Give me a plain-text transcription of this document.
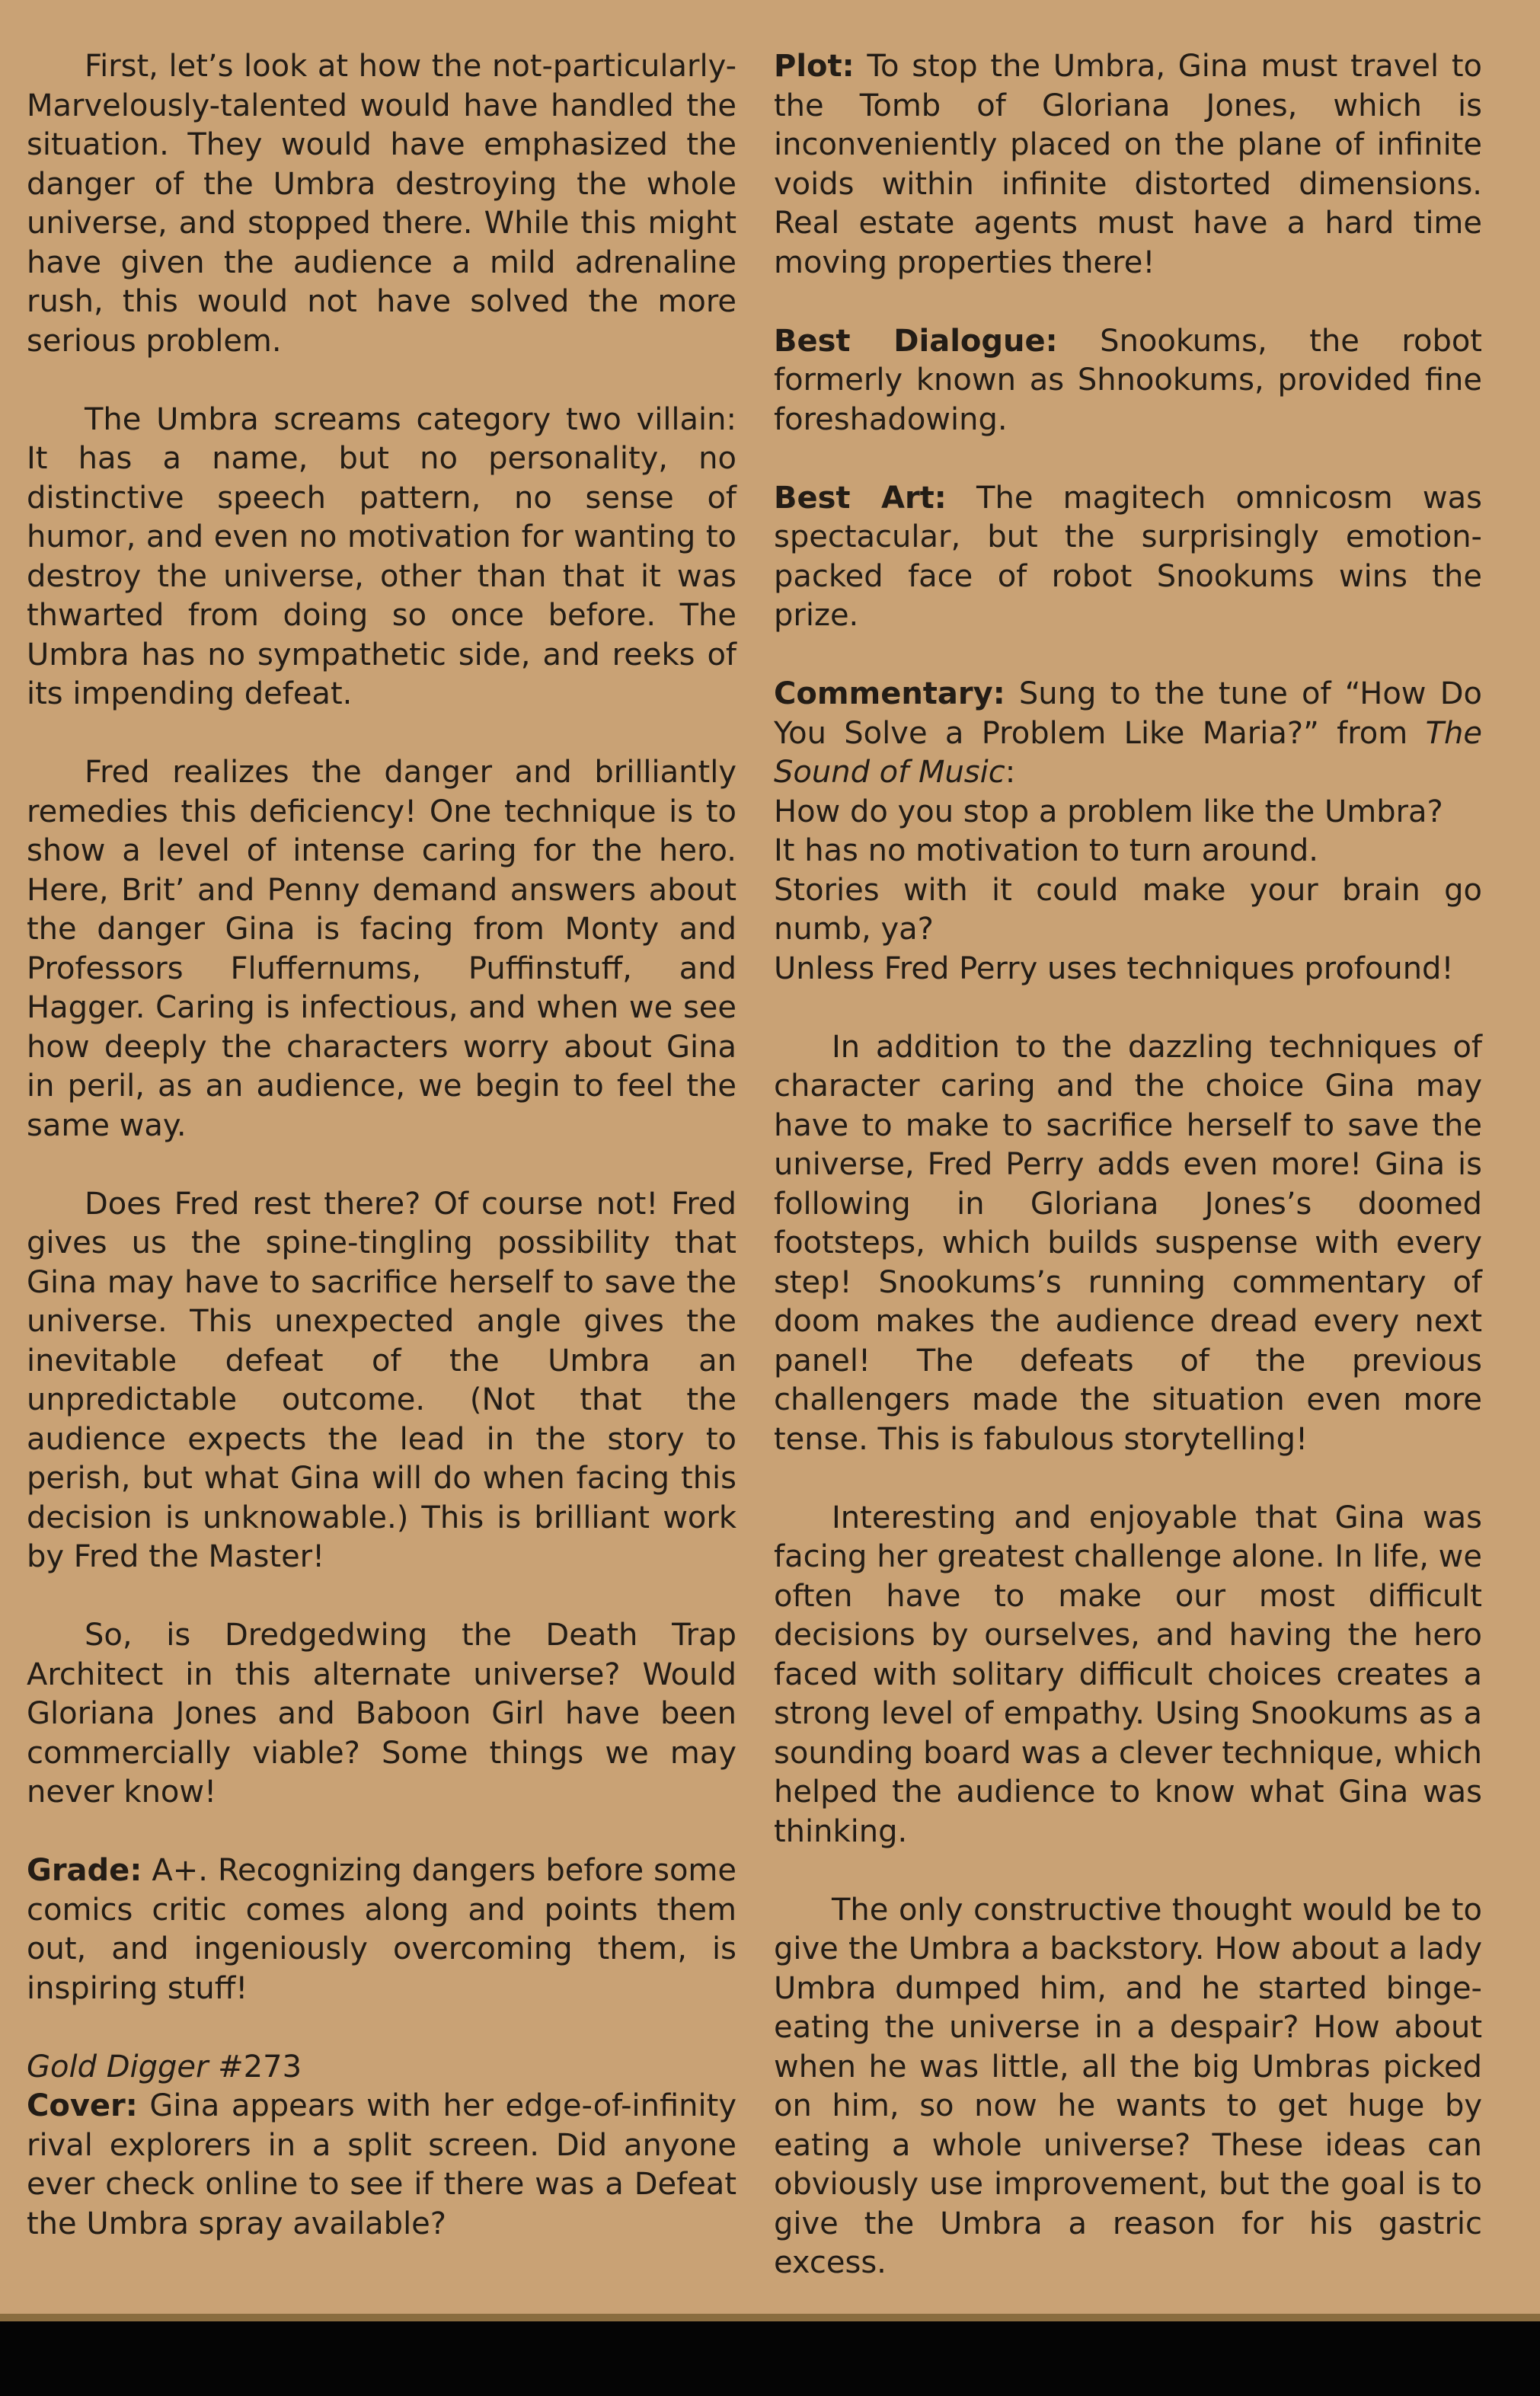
First, let’s look at how the not-particularly-Marvelously-talented would have handled the situation. They would have emphasized the danger of the Umbra destroying the whole universe, and stopped there. While this might have given the audience a mild adrenaline rush, this would not have solved the more serious problem.

The Umbra screams category two villain: It has a name, but no personality, no distinctive speech pattern, no sense of humor, and even no motivation for wanting to destroy the universe, other than that it was thwarted from doing so once before. The Umbra has no sympathetic side, and reeks of its impending defeat.

Fred realizes the danger and brilliantly remedies this deficiency! One technique is to show a level of intense caring for the hero. Here, Brit’ and Penny demand answers about the danger Gina is facing from Monty and Professors Fluffernums, Puffinstuff, and Hagger. Caring is infectious, and when we see how deeply the characters worry about Gina in peril, as an audience, we begin to feel the same way.

Does Fred rest there? Of course not! Fred gives us the spine-tingling possibility that Gina may have to sacrifice herself to save the universe. This unexpected angle gives the inevitable defeat of the Umbra an unpredictable outcome. (Not that the audience expects the lead in the story to perish, but what Gina will do when facing this decision is unknowable.) This is brilliant work by Fred the Master!

So, is Dredgedwing the Death Trap Architect in this alternate universe? Would Gloriana Jones and Baboon Girl have been commercially viable? Some things we may never know!

Grade: A+. Recognizing dangers before some comics critic comes along and points them out, and ingeniously overcoming them, is inspiring stuff!

Gold Digger #273

Cover: Gina appears with her edge-of-infinity rival explorers in a split screen. Did anyone ever check online to see if there was a Defeat the Umbra spray available?

Plot: To stop the Umbra, Gina must travel to the Tomb of Gloriana Jones, which is inconveniently placed on the plane of infinite voids within infinite distorted dimensions. Real estate agents must have a hard time moving properties there!

Best Dialogue: Snookums, the robot formerly known as Shnookums, provided fine foreshadowing.

Best Art: The magitech omnicosm was spectacular, but the surprisingly emotion-packed face of robot Snookums wins the prize.

Commentary: Sung to the tune of “How Do You Solve a Problem Like Maria?” from The Sound of Music:

How do you stop a problem like the Umbra?

It has no motivation to turn around.

Stories with it could make your brain go numb, ya?

Unless Fred Perry uses techniques profound!

In addition to the dazzling techniques of character caring and the choice Gina may have to make to sacrifice herself to save the universe, Fred Perry adds even more! Gina is following in Gloriana Jones’s doomed footsteps, which builds suspense with every step! Snookums’s running commentary of doom makes the audience dread every next panel! The defeats of the previous challengers made the situation even more tense. This is fabulous storytelling!

Interesting and enjoyable that Gina was facing her greatest challenge alone. In life, we often have to make our most difficult decisions by ourselves, and having the hero faced with solitary difficult choices creates a strong level of empathy. Using Snookums as a sounding board was a clever technique, which helped the audience to know what Gina was thinking.

The only constructive thought would be to give the Umbra a backstory. How about a lady Umbra dumped him, and he started binge-eating the universe in a despair? How about when he was little, all the big Umbras picked on him, so now he wants to get huge by eating a whole universe? These ideas can obviously use improvement, but the goal is to give the Umbra a reason for his gastric excess.
